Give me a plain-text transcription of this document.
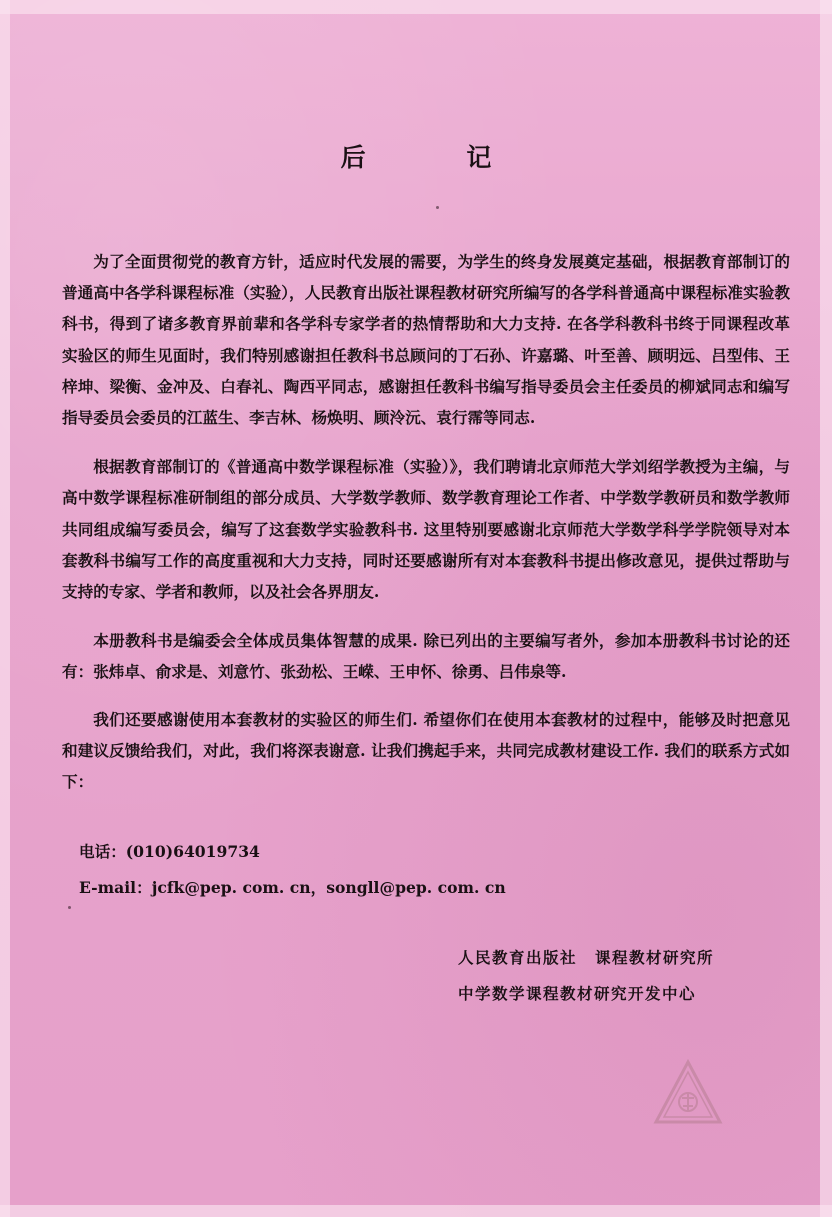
后 记

为了全面贯彻党的教育方针，适应时代发展的需要，为学生的终身发展奠定基础，根据教育部制订的普通高中各学科课程标准（实验），人民教育出版社课程教材研究所编写的各学科普通高中课程标准实验教科书，得到了诸多教育界前辈和各学科专家学者的热情帮助和大力支持. 在各学科教科书终于同课程改革实验区的师生见面时，我们特别感谢担任教科书总顾问的丁石孙、许嘉璐、叶至善、顾明远、吕型伟、王梓坤、梁衡、金冲及、白春礼、陶西平同志，感谢担任教科书编写指导委员会主任委员的柳斌同志和编写指导委员会委员的江蓝生、李吉林、杨焕明、顾泠沅、袁行霈等同志.

根据教育部制订的《普通高中数学课程标准（实验）》，我们聘请北京师范大学刘绍学教授为主编，与高中数学课程标准研制组的部分成员、大学数学教师、数学教育理论工作者、中学数学教研员和数学教师共同组成编写委员会，编写了这套数学实验教科书. 这里特别要感谢北京师范大学数学科学学院领导对本套教科书编写工作的高度重视和大力支持，同时还要感谢所有对本套教科书提出修改意见，提供过帮助与支持的专家、学者和教师，以及社会各界朋友.

本册教科书是编委会全体成员集体智慧的成果. 除已列出的主要编写者外，参加本册教科书讨论的还有：张炜卓、俞求是、刘意竹、张劲松、王嵘、王申怀、徐勇、吕伟泉等.

我们还要感谢使用本套教材的实验区的师生们. 希望你们在使用本套教材的过程中，能够及时把意见和建议反馈给我们，对此，我们将深表谢意. 让我们携起手来，共同完成教材建设工作. 我们的联系方式如下：

电话：(010)64019734
E-mail：jcfk@pep. com. cn，songll@pep. com. cn
人民教育出版社 课程教材研究所
中学数学课程教材研究开发中心
